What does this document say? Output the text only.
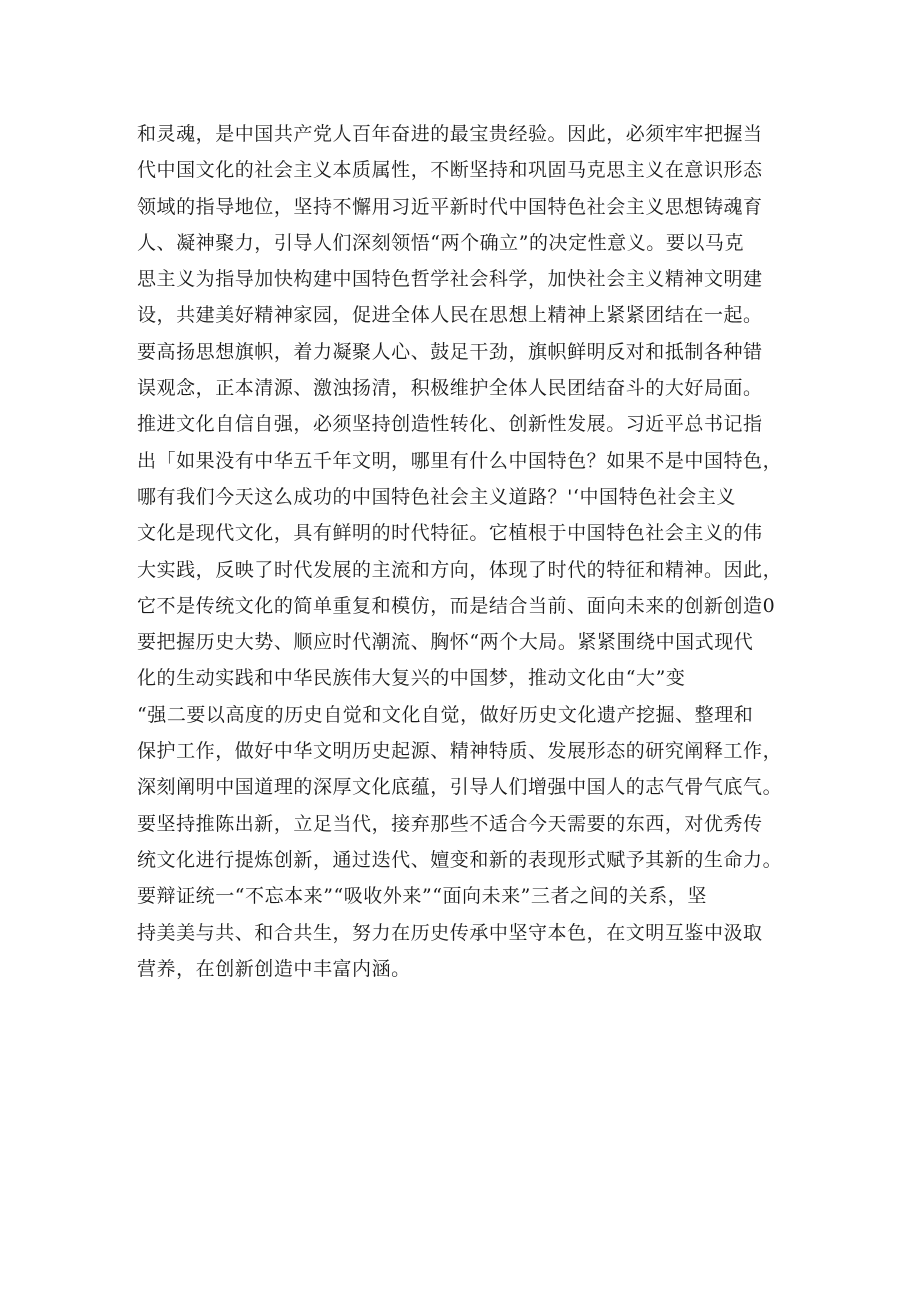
和灵魂，是中国共产党人百年奋进的最宝贵经验。因此，必须牢牢把握当
代中国文化的社会主义本质属性，不断坚持和巩固马克思主义在意识形态
领域的指导地位，坚持不懈用习近平新时代中国特色社会主义思想铸魂育
人、凝神聚力，引导人们深刻领悟“两个确立”的决定性意义。要以马克
思主义为指导加快构建中国特色哲学社会科学，加快社会主义精神文明建
设，共建美好精神家园，促进全体人民在思想上精神上紧紧团结在一起。
要高扬思想旗帜，着力凝聚人心、鼓足干劲，旗帜鲜明反对和抵制各种错
误观念，正本清源、激浊扬清，积极维护全体人民团结奋斗的大好局面。
推进文化自信自强，必须坚持创造性转化、创新性发展。习近平总书记指
出「如果没有中华五千年文明，哪里有什么中国特色？如果不是中国特色，
哪有我们今天这么成功的中国特色社会主义道路？'‘中国特色社会主义
文化是现代文化，具有鲜明的时代特征。它植根于中国特色社会主义的伟
大实践，反映了时代发展的主流和方向，体现了时代的特征和精神。因此，
它不是传统文化的简单重复和模仿，而是结合当前、面向未来的创新创造0
要把握历史大势、顺应时代潮流、胸怀“两个大局。紧紧围绕中国式现代
化的生动实践和中华民族伟大复兴的中国梦，推动文化由“大”变
“强二要以高度的历史自觉和文化自觉，做好历史文化遗产挖掘、整理和
保护工作，做好中华文明历史起源、精神特质、发展形态的研究阐释工作，
深刻阐明中国道理的深厚文化底蕴，引导人们增强中国人的志气骨气底气。
要坚持推陈出新，立足当代，接弃那些不适合今天需要的东西，对优秀传
统文化进行提炼创新，通过迭代、嬗变和新的表现形式赋予其新的生命力。
要辩证统一“不忘本来”“吸收外来”“面向未来”三者之间的关系，坚
持美美与共、和合共生，努力在历史传承中坚守本色，在文明互鉴中汲取
营养，在创新创造中丰富内涵。
